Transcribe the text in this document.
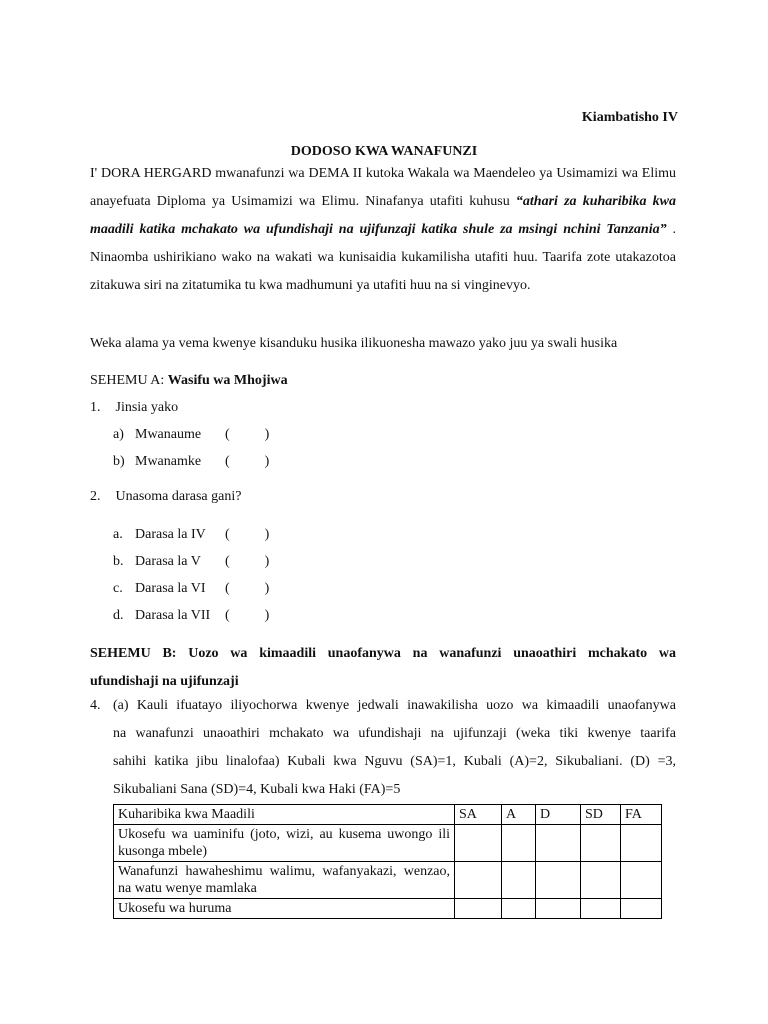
Kiambatisho IV
DODOSO KWA WANAFUNZI

I' DORA HERGARD mwanafunzi wa DEMA II kutoka Wakala wa Maendeleo ya Usimamizi wa Elimu anayefuata Diploma ya Usimamizi wa Elimu. Ninafanya utafiti kuhusu “athari za kuharibika kwa maadili katika mchakato wa ufundishaji na ujifunzaji katika shule za msingi nchini Tanzania” . Ninaomba ushirikiano wako na wakati wa kunisaidia kukamilisha utafiti huu. Taarifa zote utakazotoa zitakuwa siri na zitatumika tu kwa madhumuni ya utafiti huu na si vinginevyo.

Weka alama ya vema kwenye kisanduku husika ilikuonesha mawazo yako juu ya swali husika

SEHEMU A: Wasifu wa Mhojiwa
1. Jinsia yako
a) Mwanaume (          )
b) Mwanamke (          )
2. Unasoma darasa gani?
a. Darasa la IV (          )
b. Darasa la V (          )
c. Darasa la VI (          )
d. Darasa la VII (          )

SEHEMU B: Uozo wa kimaadili unaofanywa na wanafunzi unaoathiri mchakato wa
ufundishaji na ujifunzaji

4. (a) Kauli ifuatayo iliyochorwa kwenye jedwali inawakilisha uozo wa kimaadili unaofanywa
na wanafunzi unaoathiri mchakato wa ufundishaji na ujifunzaji (weka tiki kwenye taarifa
sahihi katika jibu linalofaa) Kubali kwa Nguvu (SA)=1, Kubali (A)=2, Sikubaliani. (D) =3,
Sikubaliani Sana (SD)=4, Kubali kwa Haki (FA)=5
Kuharibika kwa Maadili	SA	A	D	SD	FA
Ukosefu wa uaminifu (joto, wizi, au kusema uwongo ili kusonga mbele)					
Wanafunzi hawaheshimu walimu, wafanyakazi, wenzao, na watu wenye mamlaka					
Ukosefu wa huruma					
